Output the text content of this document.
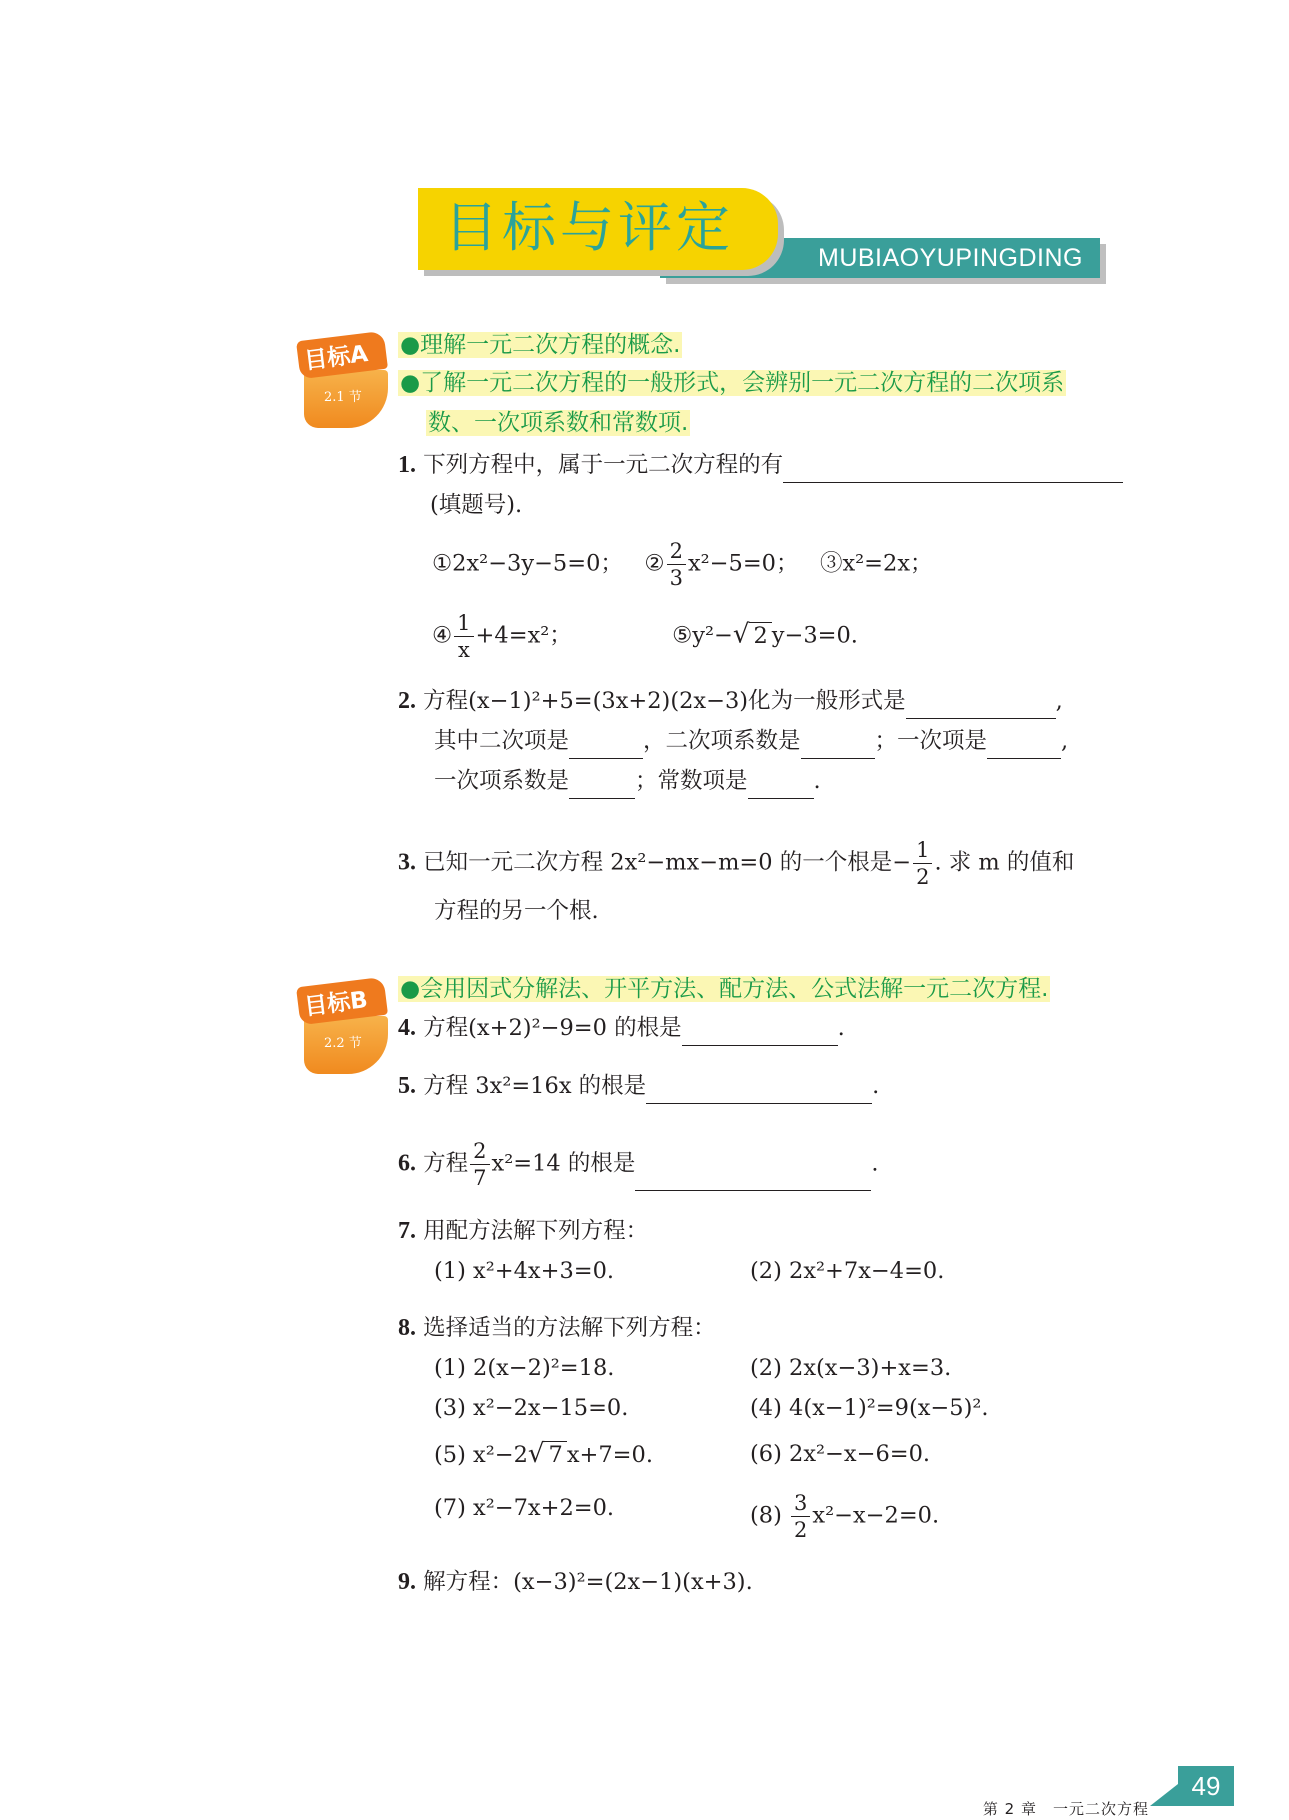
目标与评定	MUBIAOYUPINGDING
2.1 节
目标A ●理解一元二次方程的概念.
●了解一元二次方程的一般形式，会辨别一元二次方程的二次项系
数、一次项系数和常数项.
1. 下列方程中，属于一元二次方程的有
(填题号).
①2x²−3y−5=0； ② $\frac{2}{3} x^2-5=0$； ③x²=2x；
④ $\frac{1}{x} +4=x^2$；	⑤y²−√ 2 y−3=0.
2. 方程(x−1)²+5=(3x+2)(2x−3)化为一般形式是	,
其中二次项是	，二次项系数是	；一次项是	,
一次项系数是	；常数项是	.
3. 已知一元二次方程 2x²−mx−m=0 的一个根是− $\frac{1}{2}$ . 求 m 的值和
方程的另一个根.
2.2 节
目标B ●会用因式分解法、开平方法、配方法、公式法解一元二次方程.
4. 方程(x+2)²−9=0 的根是	.
5. 方程 3x²=16x 的根是	.
6. 方程 $\frac{2}{7} x^2=14$ 的根是	.
7. 用配方法解下列方程：
(1) x²+4x+3=0.	(2) 2x²+7x−4=0.
8. 选择适当的方法解下列方程：
(1) 2(x−2)²=18.	(2) 2x(x−3)+x=3.
(3) x²−2x−15=0.	(4) 4(x−1)²=9(x−5)².
(5) x²−2√ 7 x+7=0.	(6) 2x²−x−6=0.
(7) x²−7x+2=0.	$(8) \frac{3}{2} x^2-x-2=0$.
9. 解方程：(x−3)²=(2x−1)(x+3).
第 2 章　一元二次方程
49
